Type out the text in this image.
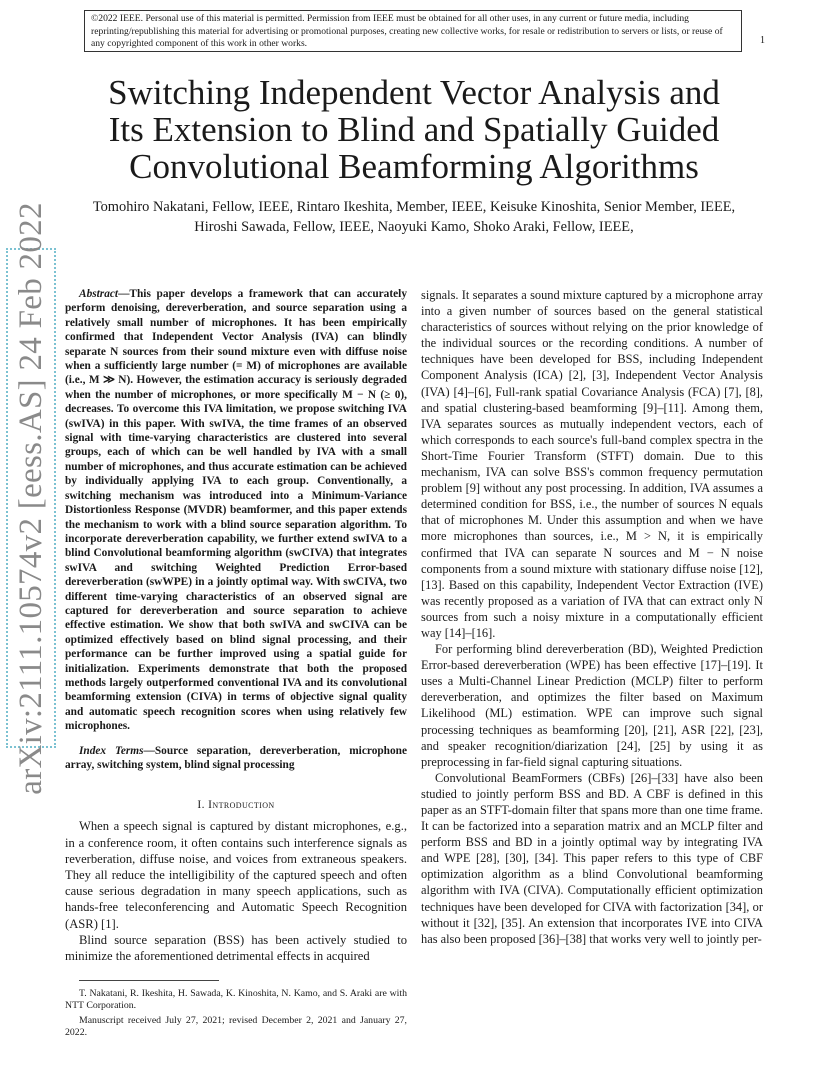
©2022 IEEE. Personal use of this material is permitted. Permission from IEEE must be obtained for all other uses, in any current or future media, including reprinting/republishing this material for advertising or promotional purposes, creating new collective works, for resale or redistribution to servers or lists, or reuse of any copyrighted component of this work in other works.	1
arXiv:2111.10574v2 [eess.AS] 24 Feb 2022
Switching Independent Vector Analysis and
Its Extension to Blind and Spatially Guided
Convolutional Beamforming Algorithms
Tomohiro Nakatani, Fellow, IEEE, Rintaro Ikeshita, Member, IEEE, Keisuke Kinoshita, Senior Member, IEEE,
Hiroshi Sawada, Fellow, IEEE, Naoyuki Kamo, Shoko Araki, Fellow, IEEE,

Abstract—This paper develops a framework that can accurately perform denoising, dereverberation, and source separation using a relatively small number of microphones. It has been empirically confirmed that Independent Vector Analysis (IVA) can blindly separate N sources from their sound mixture even with diffuse noise when a sufficiently large number (= M) of microphones are available (i.e., M ≫ N). However, the estimation accuracy is seriously degraded when the number of microphones, or more specifically M − N (≥ 0), decreases. To overcome this IVA limitation, we propose switching IVA (swIVA) in this paper. With swIVA, the time frames of an observed signal with time-varying characteristics are clustered into several groups, each of which can be well handled by IVA with a small number of microphones, and thus accurate estimation can be achieved by individually applying IVA to each group. Conventionally, a switching mechanism was introduced into a Minimum-Variance Distortionless Response (MVDR) beamformer, and this paper extends the mechanism to work with a blind source separation algorithm. To incorporate dereverberation capability, we further extend swIVA to a blind Convolutional beamforming algorithm (swCIVA) that integrates swIVA and switching Weighted Prediction Error-based dereverberation (swWPE) in a jointly optimal way. With swCIVA, two different time-varying characteristics of an observed signal are captured for dereverberation and source separation to achieve effective estimation. We show that both swIVA and swCIVA can be optimized effectively based on blind signal processing, and their performance can be further improved using a spatial guide for initialization. Experiments demonstrate that both the proposed methods largely outperformed conventional IVA and its convolutional beamforming extension (CIVA) in terms of objective signal quality and automatic speech recognition scores when using relatively few microphones.

Index Terms—Source separation, dereverberation, microphone array, switching system, blind signal processing

I. Introduction

When a speech signal is captured by distant microphones, e.g., in a conference room, it often contains such interference signals as reverberation, diffuse noise, and voices from extraneous speakers. They all reduce the intelligibility of the captured speech and often cause serious degradation in many speech applications, such as hands-free teleconferencing and Automatic Speech Recognition (ASR) [1].

Blind source separation (BSS) has been actively studied to minimize the aforementioned detrimental effects in acquired

T. Nakatani, R. Ikeshita, H. Sawada, K. Kinoshita, N. Kamo, and S. Araki are with NTT Corporation.

Manuscript received July 27, 2021; revised December 2, 2021 and January 27, 2022.

signals. It separates a sound mixture captured by a microphone array into a given number of sources based on the general statistical characteristics of sources without relying on the prior knowledge of the individual sources or the recording conditions. A number of techniques have been developed for BSS, including Independent Component Analysis (ICA) [2], [3], Independent Vector Analysis (IVA) [4]–[6], Full-rank spatial Covariance Analysis (FCA) [7], [8], and spatial clustering-based beamforming [9]–[11]. Among them, IVA separates sources as mutually independent vectors, each of which corresponds to each source's full-band complex spectra in the Short-Time Fourier Transform (STFT) domain. Due to this mechanism, IVA can solve BSS's common frequency permutation problem [9] without any post processing. In addition, IVA assumes a determined condition for BSS, i.e., the number of sources N equals that of microphones M. Under this assumption and when we have more microphones than sources, i.e., M > N, it is empirically confirmed that IVA can separate N sources and M − N noise components from a sound mixture with stationary diffuse noise [12], [13]. Based on this capability, Independent Vector Extraction (IVE) was recently proposed as a variation of IVA that can extract only N sources from such a noisy mixture in a computationally efficient way [14]–[16].

For performing blind dereverberation (BD), Weighted Prediction Error-based dereverberation (WPE) has been effective [17]–[19]. It uses a Multi-Channel Linear Prediction (MCLP) filter to perform dereverberation, and optimizes the filter based on Maximum Likelihood (ML) estimation. WPE can improve such signal processing techniques as beamforming [20], [21], ASR [22], [23], and speaker recognition/diarization [24], [25] by using it as preprocessing in far-field signal capturing situations.

Convolutional BeamFormers (CBFs) [26]–[33] have also been studied to jointly perform BSS and BD. A CBF is defined in this paper as an STFT-domain filter that spans more than one time frame. It can be factorized into a separation matrix and an MCLP filter and perform BSS and BD in a jointly optimal way by integrating IVA and WPE [28], [30], [34]. This paper refers to this type of CBF optimization algorithm as a blind Convolutional beamforming algorithm with IVA (CIVA). Computationally efficient optimization techniques have been developed for CIVA with factorization [34], or without it [32], [35]. An extension that incorporates IVE into CIVA has also been proposed [36]–[38] that works very well to jointly per-
